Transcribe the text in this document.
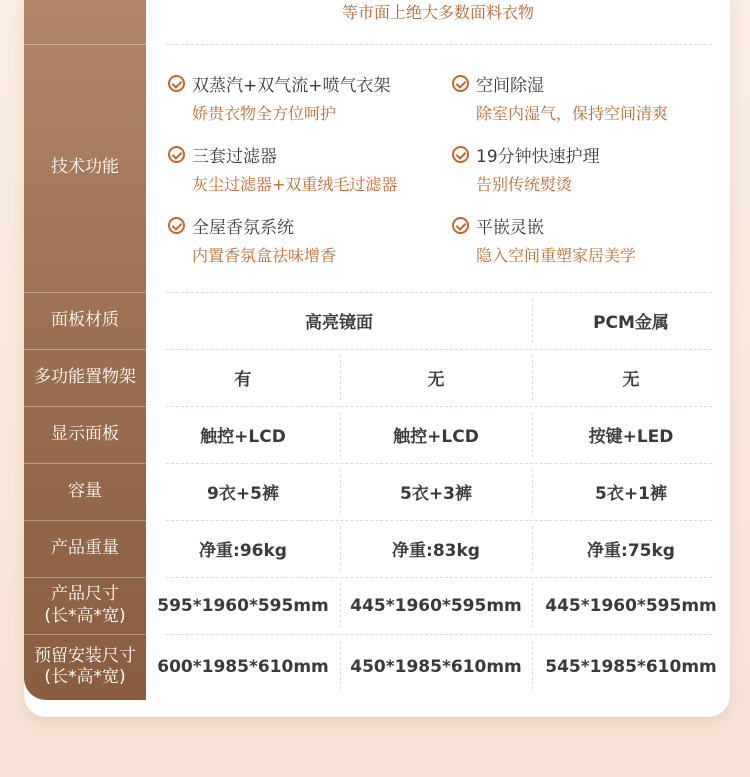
等市面上绝大多数面料衣物
技术功能
双蒸汽+双气流+喷气衣架
娇贵衣物全方位呵护
空间除湿
除室内湿气，保持空间清爽
三套过滤器
灰尘过滤器+双重绒毛过滤器
19分钟快速护理
告别传统熨烫
全屋香氛系统
内置香氛盒祛味增香
平嵌灵嵌
隐入空间重塑家居美学
面板材质	高亮镜面	PCM金属
多功能置物架	有	无	无
显示面板	触控+LCD	触控+LCD	按键+LED
容量	9衣+5裤	5衣+3裤	5衣+1裤
产品重量	净重:96kg	净重:83kg	净重:75kg
产品尺寸
(长*高*宽)	595*1960*595mm	445*1960*595mm	445*1960*595mm
预留安装尺寸
(长*高*宽)	600*1985*610mm	450*1985*610mm	545*1985*610mm
